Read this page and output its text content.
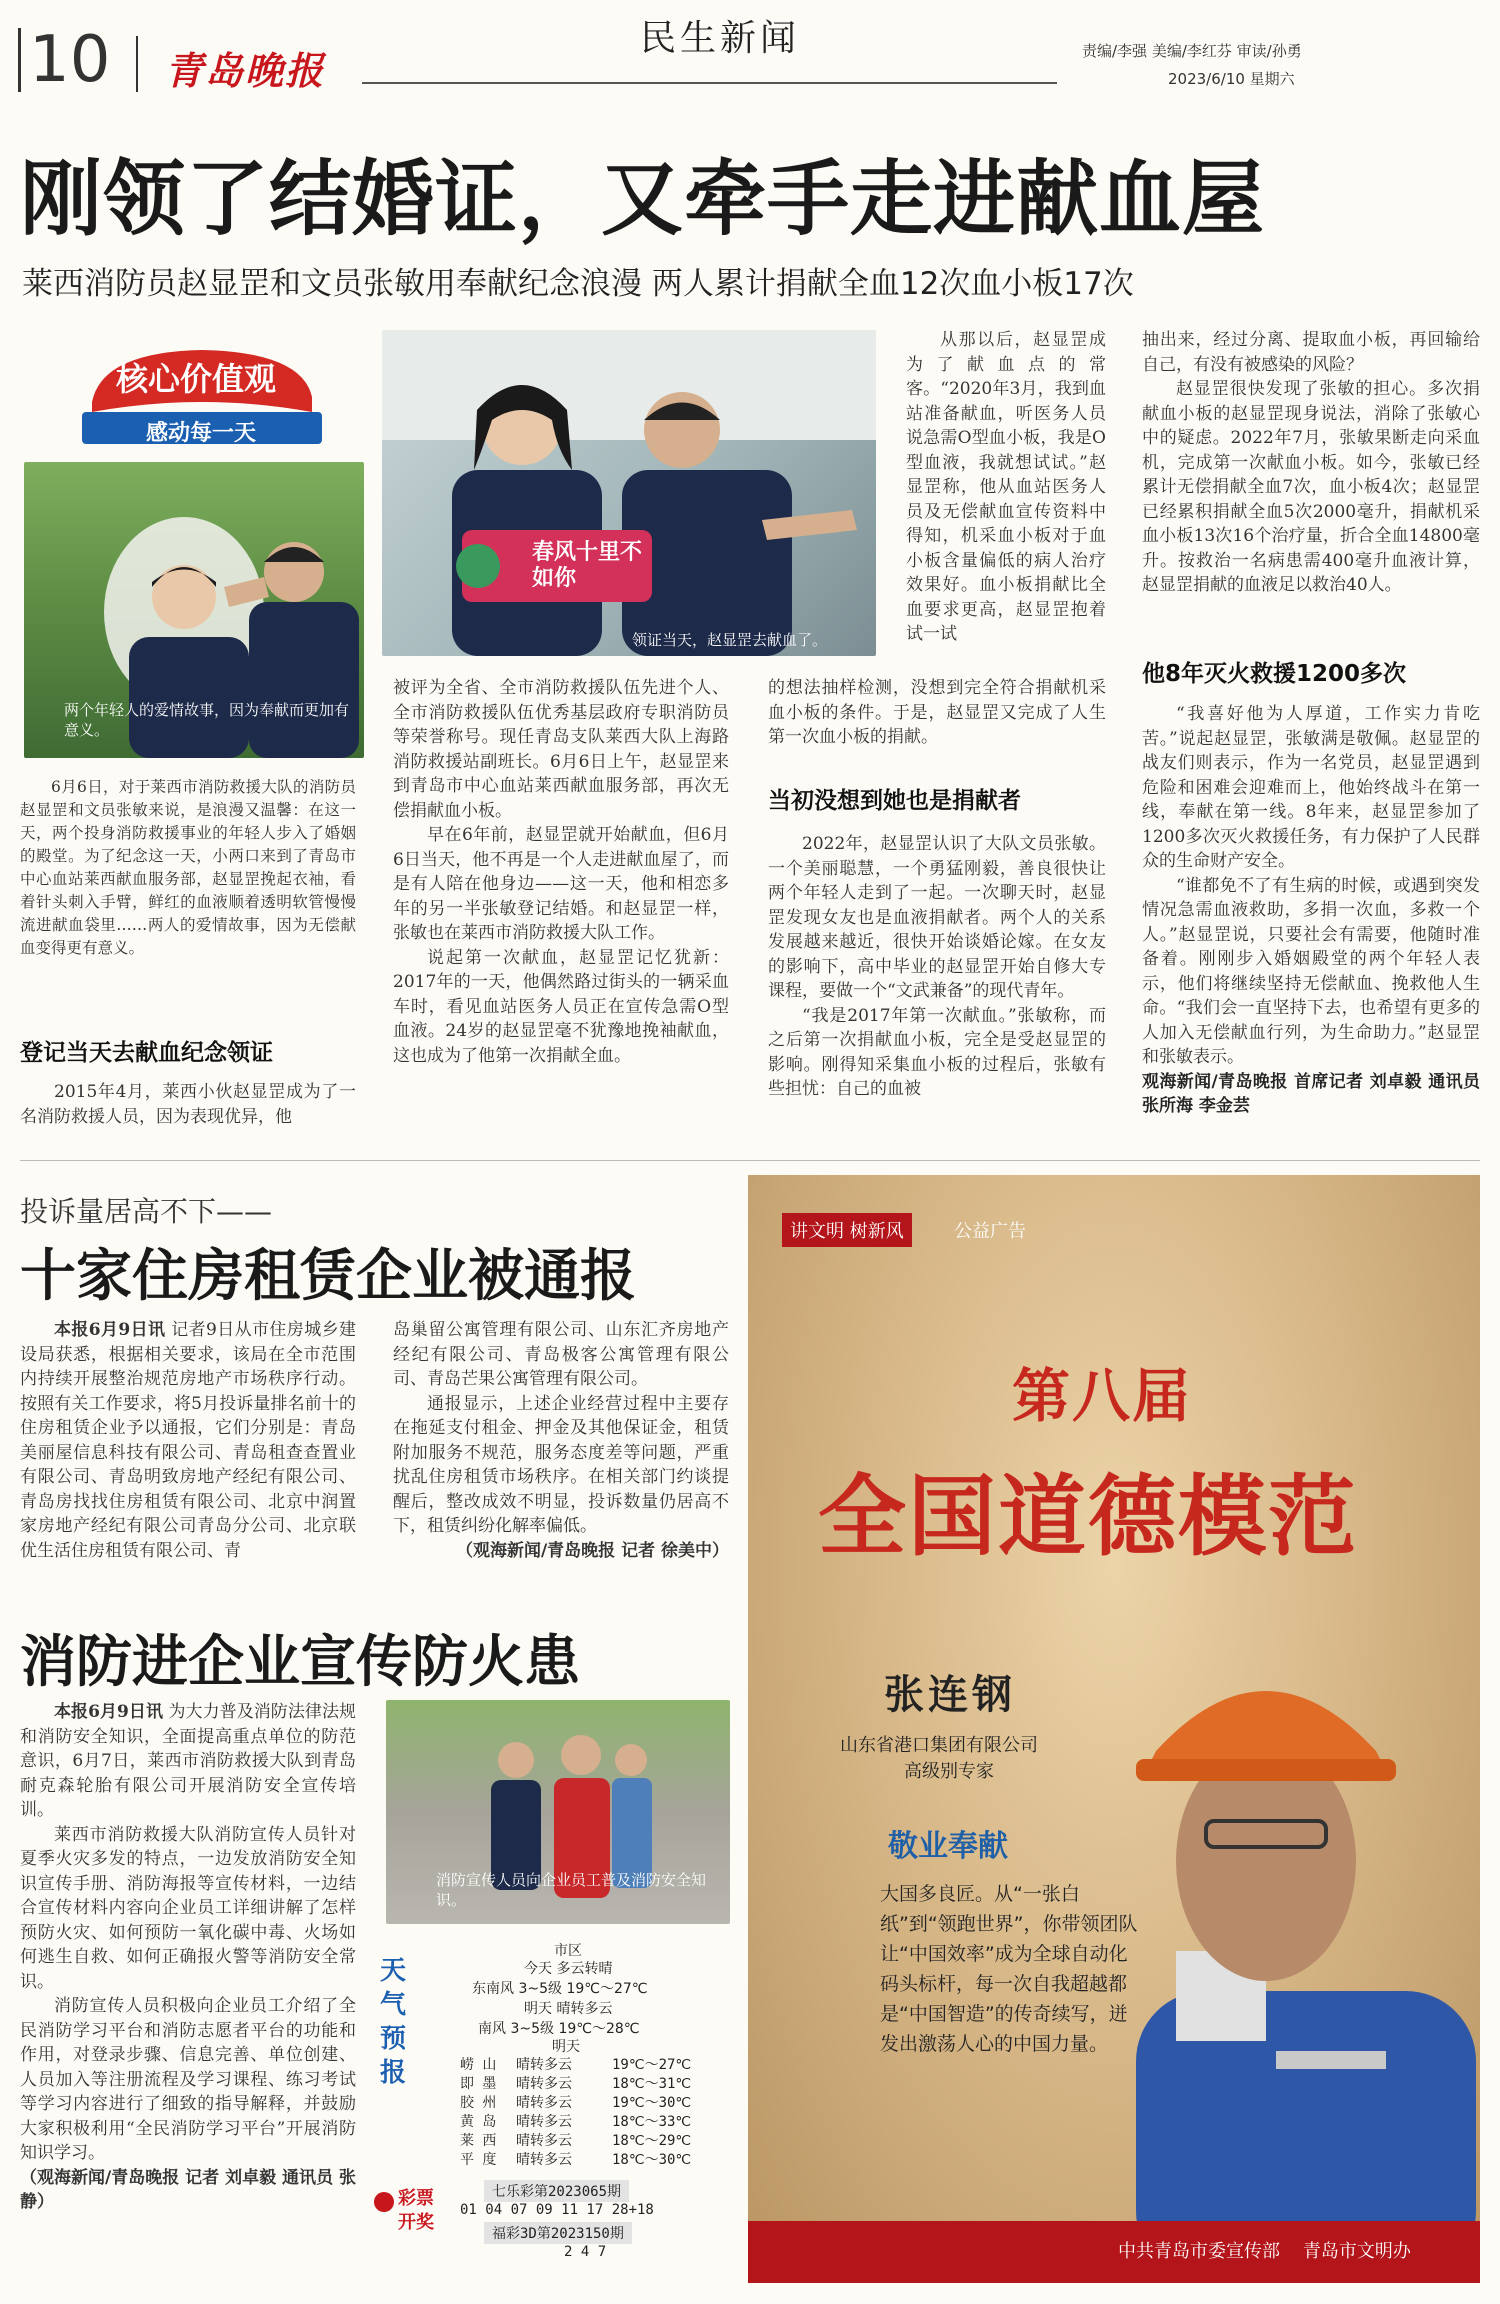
10 青岛晚报
民生新闻	责编/李强 美编/李红芬 审读/孙勇
2023/6/10 星期六
刚领了结婚证，又牵手走进献血屋
莱西消防员赵显罡和文员张敏用奉献纪念浪漫 两人累计捐献全血12次血小板17次
核心价值观
感动每一天
两个年轻人的爱情故事，因为奉献而更加有意义。
春风十里不如你
领证当天，赵显罡去献血了。

6月6日，对于莱西市消防救援大队的消防员赵显罡和文员张敏来说，是浪漫又温馨：在这一天，两个投身消防救援事业的年轻人步入了婚姻的殿堂。为了纪念这一天，小两口来到了青岛市中心血站莱西献血服务部，赵显罡挽起衣袖，看着针头刺入手臂，鲜红的血液顺着透明软管慢慢流进献血袋里……两人的爱情故事，因为无偿献血变得更有意义。

登记当天去献血纪念领证

2015年4月，莱西小伙赵显罡成为了一名消防救援人员，因为表现优异，他

被评为全省、全市消防救援队伍先进个人、全市消防救援队伍优秀基层政府专职消防员等荣誉称号。现任青岛支队莱西大队上海路消防救援站副班长。6月6日上午，赵显罡来到青岛市中心血站莱西献血服务部，再次无偿捐献血小板。

早在6年前，赵显罡就开始献血，但6月6日当天，他不再是一个人走进献血屋了，而是有人陪在他身边——这一天，他和相恋多年的另一半张敏登记结婚。和赵显罡一样，张敏也在莱西市消防救援大队工作。

说起第一次献血，赵显罡记忆犹新：2017年的一天，他偶然路过街头的一辆采血车时，看见血站医务人员正在宣传急需O型血液。24岁的赵显罡毫不犹豫地挽袖献血，这也成为了他第一次捐献全血。

从那以后，赵显罡成为了献血点的常客。“2020年3月，我到血站准备献血，听医务人员说急需O型血小板，我是O型血液，我就想试试。”赵显罡称，他从血站医务人员及无偿献血宣传资料中得知，机采血小板对于血小板含量偏低的病人治疗效果好。血小板捐献比全血要求更高，赵显罡抱着试一试

的想法抽样检测，没想到完全符合捐献机采血小板的条件。于是，赵显罡又完成了人生第一次血小板的捐献。

当初没想到她也是捐献者

2022年，赵显罡认识了大队文员张敏。一个美丽聪慧，一个勇猛刚毅，善良很快让两个年轻人走到了一起。一次聊天时，赵显罡发现女友也是血液捐献者。两个人的关系发展越来越近，很快开始谈婚论嫁。在女友的影响下，高中毕业的赵显罡开始自修大专课程，要做一个“文武兼备”的现代青年。

“我是2017年第一次献血。”张敏称，而之后第一次捐献血小板，完全是受赵显罡的影响。刚得知采集血小板的过程后，张敏有些担忧：自己的血被

抽出来，经过分离、提取血小板，再回输给自己，有没有被感染的风险？

赵显罡很快发现了张敏的担心。多次捐献血小板的赵显罡现身说法，消除了张敏心中的疑虑。2022年7月，张敏果断走向采血机，完成第一次献血小板。如今，张敏已经累计无偿捐献全血7次，血小板4次；赵显罡已经累积捐献全血5次2000毫升，捐献机采血小板13次16个治疗量，折合全血14800毫升。按救治一名病患需400毫升血液计算，赵显罡捐献的血液足以救治40人。

他8年灭火救援1200多次

“我喜好他为人厚道，工作实力肯吃苦。”说起赵显罡，张敏满是敬佩。赵显罡的战友们则表示，作为一名党员，赵显罡遇到危险和困难会迎难而上，他始终战斗在第一线，奉献在第一线。8年来，赵显罡参加了1200多次灭火救援任务，有力保护了人民群众的生命财产安全。

“谁都免不了有生病的时候，或遇到突发情况急需血液救助，多捐一次血，多救一个人。”赵显罡说，只要社会有需要，他随时准备着。刚刚步入婚姻殿堂的两个年轻人表示，他们将继续坚持无偿献血、挽救他人生命。“我们会一直坚持下去，也希望有更多的人加入无偿献血行列，为生命助力。”赵显罡和张敏表示。

观海新闻/青岛晚报 首席记者 刘卓毅 通讯员 张所海 李金芸

投诉量居高不下——
十家住房租赁企业被通报

本报6月9日讯 记者9日从市住房城乡建设局获悉，根据相关要求，该局在全市范围内持续开展整治规范房地产市场秩序行动。按照有关工作要求，将5月投诉量排名前十的住房租赁企业予以通报，它们分别是：青岛美丽屋信息科技有限公司、青岛租查查置业有限公司、青岛明致房地产经纪有限公司、青岛房找找住房租赁有限公司、北京中润置家房地产经纪有限公司青岛分公司、北京联优生活住房租赁有限公司、青

岛巢留公寓管理有限公司、山东汇齐房地产经纪有限公司、青岛极客公寓管理有限公司、青岛芒果公寓管理有限公司。

通报显示，上述企业经营过程中主要存在拖延支付租金、押金及其他保证金，租赁附加服务不规范，服务态度差等问题，严重扰乱住房租赁市场秩序。在相关部门约谈提醒后，整改成效不明显，投诉数量仍居高不下，租赁纠纷化解率偏低。

（观海新闻/青岛晚报 记者 徐美中）

消防进企业宣传防火患

本报6月9日讯 为大力普及消防法律法规和消防安全知识，全面提高重点单位的防范意识，6月7日，莱西市消防救援大队到青岛耐克森轮胎有限公司开展消防安全宣传培训。

莱西市消防救援大队消防宣传人员针对夏季火灾多发的特点，一边发放消防安全知识宣传手册、消防海报等宣传材料，一边结合宣传材料内容向企业员工详细讲解了怎样预防火灾、如何预防一氧化碳中毒、火场如何逃生自救、如何正确报火警等消防安全常识。

消防宣传人员积极向企业员工介绍了全民消防学习平台和消防志愿者平台的功能和作用，对登录步骤、信息完善、单位创建、人员加入等注册流程及学习课程、练习考试等学习内容进行了细致的指导解释，并鼓励大家积极利用“全民消防学习平台”开展消防知识学习。

（观海新闻/青岛晚报 记者 刘卓毅 通讯员 张静）

消防宣传人员向企业员工普及消防安全知识。
天气预报
市区
今天 多云转晴
东南风 3~5级 19℃～27℃
明天 晴转多云
南风 3~5级 19℃～28℃
明天
崂 山	晴转多云	19℃～27℃
即 墨	晴转多云	18℃～31℃
胶 州	晴转多云	19℃～30℃
黄 岛	晴转多云	18℃～33℃
莱 西	晴转多云	18℃～29℃
平 度	晴转多云	18℃～30℃
彩票
开奖
七乐彩第2023065期
01 04 07 09 11 17 28+18
福彩3D第2023150期
2 4 7
讲文明 树新风	公益广告
第八届
全国道德模范
张连钢
山东省港口集团有限公司
高级别专家
敬业奉献
大国多良匠。从“一张白纸”到“领跑世界”，你带领团队让“中国效率”成为全球自动化码头标杆，每一次自我超越都是“中国智造”的传奇续写，迸发出激荡人心的中国力量。
中共青岛市委宣传部    青岛市文明办
